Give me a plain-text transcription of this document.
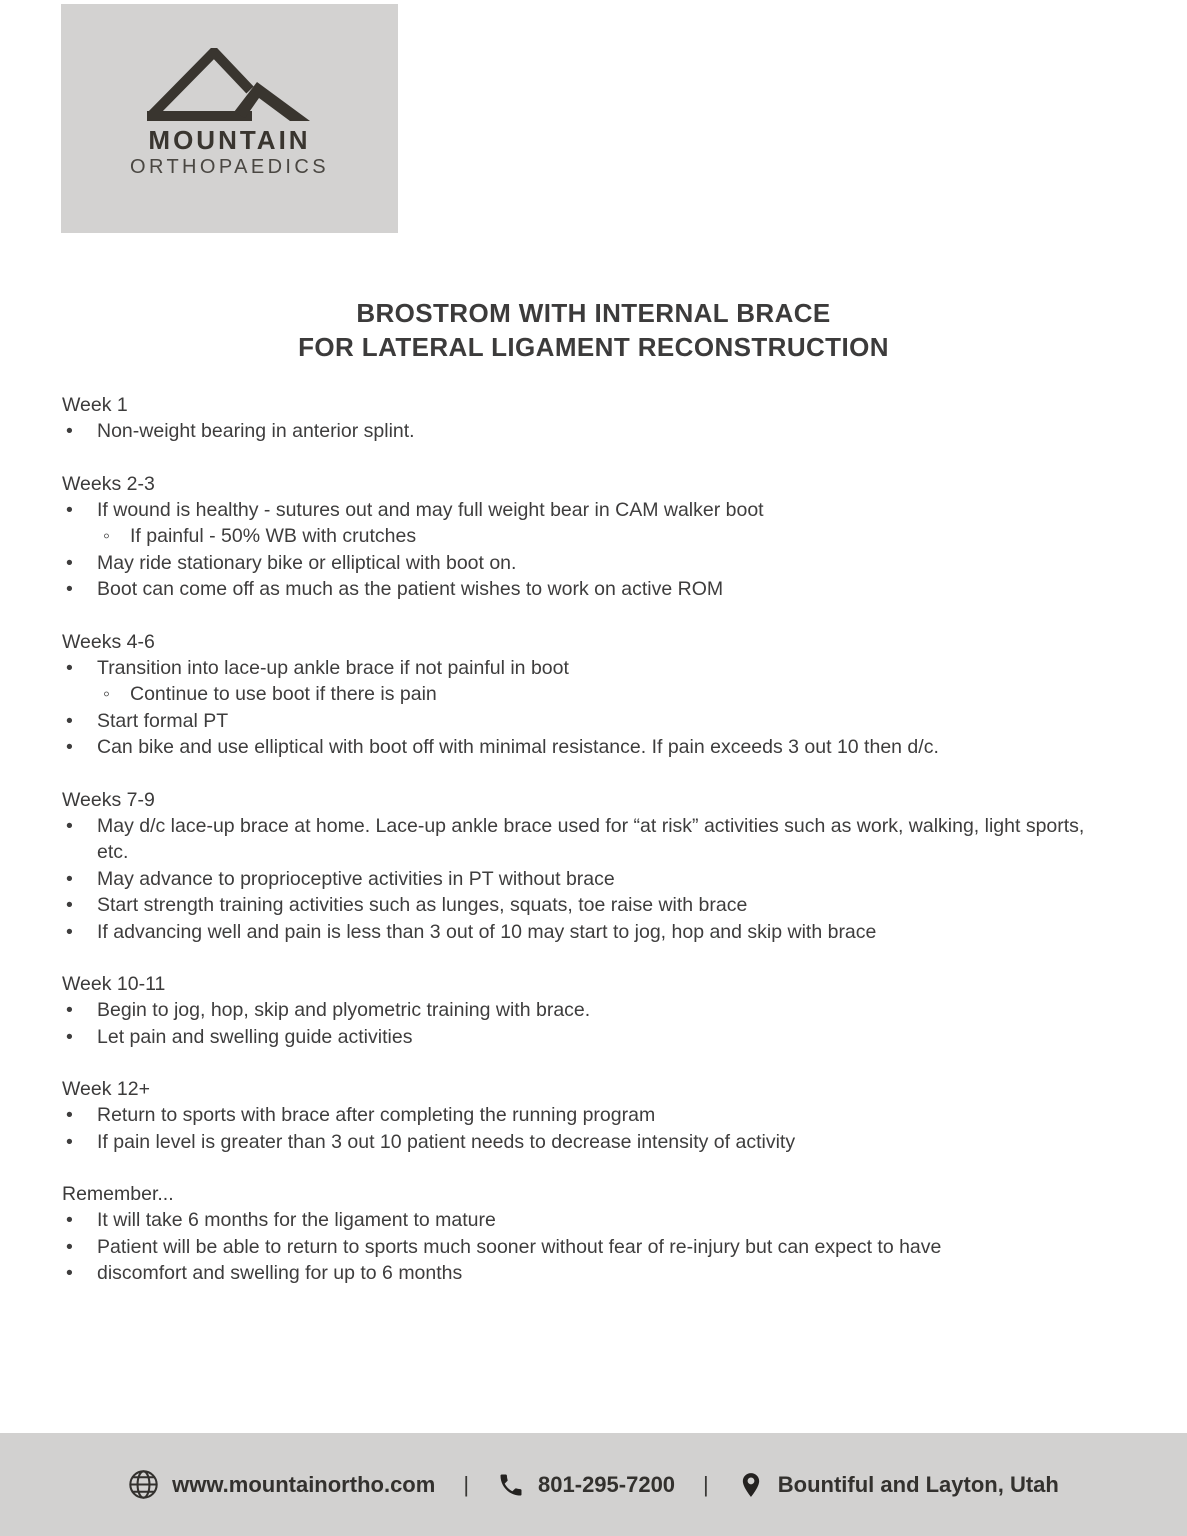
MOUNTAIN
ORTHOPAEDICS
BROSTROM WITH INTERNAL BRACE
FOR LATERAL LIGAMENT RECONSTRUCTION
Week 1
•	Non-weight bearing in anterior splint.
Weeks 2-3
•	If wound is healthy - sutures out and may full weight bear in CAM walker boot
◦	If painful - 50% WB with crutches
•	May ride stationary bike or elliptical with boot on.
•	Boot can come off as much as the patient wishes to work on active ROM
Weeks 4-6
•	Transition into lace-up ankle brace if not painful in boot
◦	Continue to use boot if there is pain
•	Start formal PT
•	Can bike and use elliptical with boot off with minimal resistance. If pain exceeds 3 out 10 then d/c.
Weeks 7-9
•	May d/c lace-up brace at home. Lace-up ankle brace used for “at risk” activities such as work, walking, light sports, etc.
•	May advance to proprioceptive activities in PT without brace
•	Start strength training activities such as lunges, squats, toe raise with brace
•	If advancing well and pain is less than 3 out of 10 may start to jog, hop and skip with brace
Week 10-11
•	Begin to jog, hop, skip and plyometric training with brace.
•	Let pain and swelling guide activities
Week 12+
•	Return to sports with brace after completing the running program
•	If pain level is greater than 3 out 10 patient needs to decrease intensity of activity
Remember...
•	It will take 6 months for the ligament to mature
•	Patient will be able to return to sports much sooner without fear of re-injury but can expect to have
•	discomfort and swelling for up to 6 months
www.mountainortho.com |	801-295-7200 |	Bountiful and Layton, Utah
